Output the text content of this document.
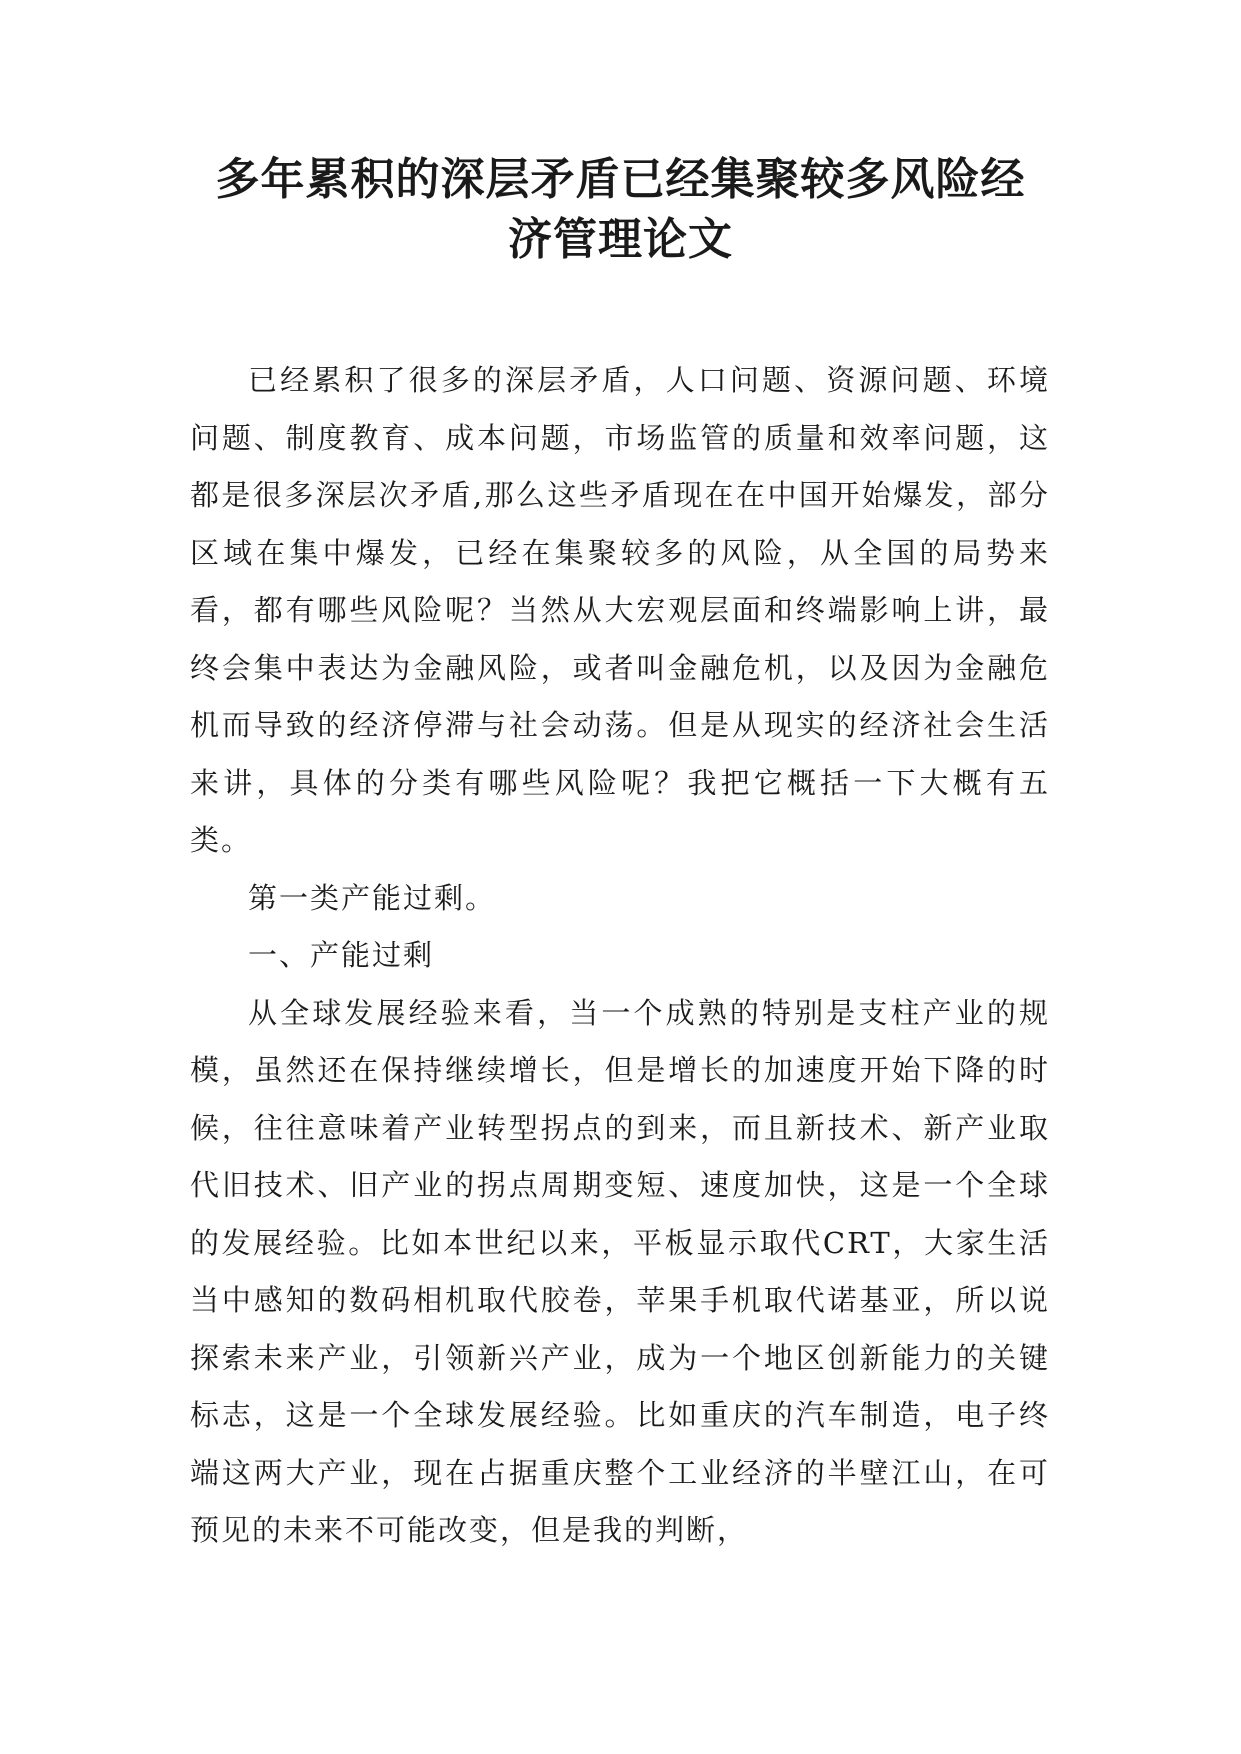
多年累积的深层矛盾已经集聚较多风险经
济管理论文

已经累积了很多的深层矛盾，人口问题、资源问题、环境问题、制度教育、成本问题，市场监管的质量和效率问题，这都是很多深层次矛盾,那么这些矛盾现在在中国开始爆发，部分区域在集中爆发，已经在集聚较多的风险，从全国的局势来看，都有哪些风险呢？当然从大宏观层面和终端影响上讲，最终会集中表达为金融风险，或者叫金融危机，以及因为金融危机而导致的经济停滞与社会动荡。但是从现实的经济社会生活来讲，具体的分类有哪些风险呢？我把它概括一下大概有五类。

第一类产能过剩。

一、产能过剩

从全球发展经验来看，当一个成熟的特别是支柱产业的规模，虽然还在保持继续增长，但是增长的加速度开始下降的时候，往往意味着产业转型拐点的到来，而且新技术、新产业取代旧技术、旧产业的拐点周期变短、速度加快，这是一个全球的发展经验。比如本世纪以来，平板显示取代CRT，大家生活当中感知的数码相机取代胶卷，苹果手机取代诺基亚，所以说探索未来产业，引领新兴产业，成为一个地区创新能力的关键标志，这是一个全球发展经验。比如重庆的汽车制造，电子终端这两大产业，现在占据重庆整个工业经济的半壁江山，在可预见的未来不可能改变，但是我的判断，
